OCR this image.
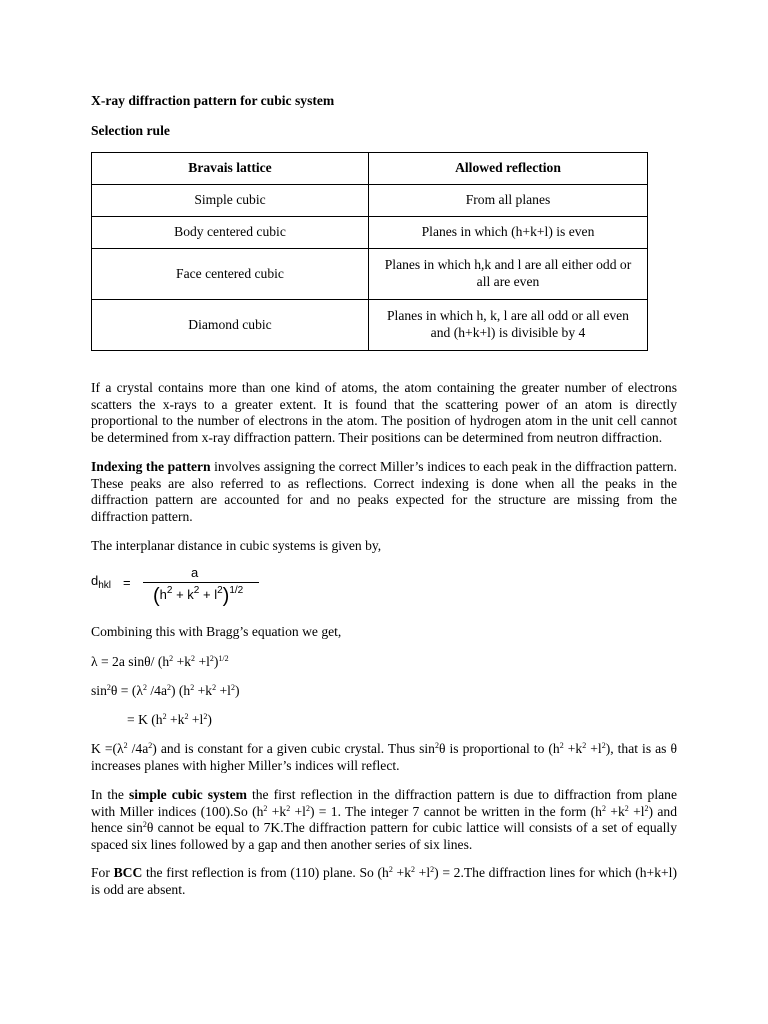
X-ray diffraction pattern for cubic system
Selection rule
Bravais lattice	Allowed reflection
Simple cubic	From all planes
Body centered cubic	Planes in which (h+k+l) is even
Face centered cubic	Planes in which h,k and l are all either odd or all are even
Diamond cubic	Planes in which h, k, l are all odd or all even and (h+k+l) is divisible by 4
If a crystal contains more than one kind of atoms, the atom containing the greater number of electrons scatters the x-rays to a greater extent. It is found that the scattering power of an atom is directly proportional to the number of electrons in the atom. The position of hydrogen atom in the unit cell cannot be determined from x-ray diffraction pattern. Their positions can be determined from neutron diffraction.
Indexing the pattern involves assigning the correct Miller’s indices to each peak in the diffraction pattern. These peaks are also referred to as reflections. Correct indexing is done when all the peaks in the diffraction pattern are accounted for and no peaks expected for the structure are missing from the diffraction pattern.
The interplanar distance in cubic systems is given by,
$d_{hkl}$ =
a
$(h^2 + k^2 + l^2)^{1/2}$
Combining this with Bragg’s equation we get,
λ = 2a sinθ/ $(h^2 +k^2 +l^2)^{1/2}$
$\sin^2\theta = (\lambda^2$ $/4a^2$) $(h^2 +k^2 +l^2)$
= K $(h^2 +k^2 +l^2)$
$K =(\lambda^2$ $/4a^2$) and is constant for a given cubic crystal. Thus $\sin^2\theta$ is proportional to $(h^2 +k^2 +l^2)$, that is as θ increases planes with higher Miller’s indices will reflect.
In the simple cubic system the first reflection in the diffraction pattern is due to diffraction from plane with Miller indices (100).So $(h^2 +k^2 +l^2) = 1$. The integer 7 cannot be written in the form $(h^2 +k^2 +l^2)$ and hence $\sin^2\theta$ cannot be equal to 7K.The diffraction pattern for cubic lattice will consists of a set of equally spaced six lines followed by a gap and then another series of six lines.
For BCC the first reflection is from (110) plane. So $(h^2 +k^2 +l^2) = 2.The$ diffraction lines for which (h+k+l) is odd are absent.
